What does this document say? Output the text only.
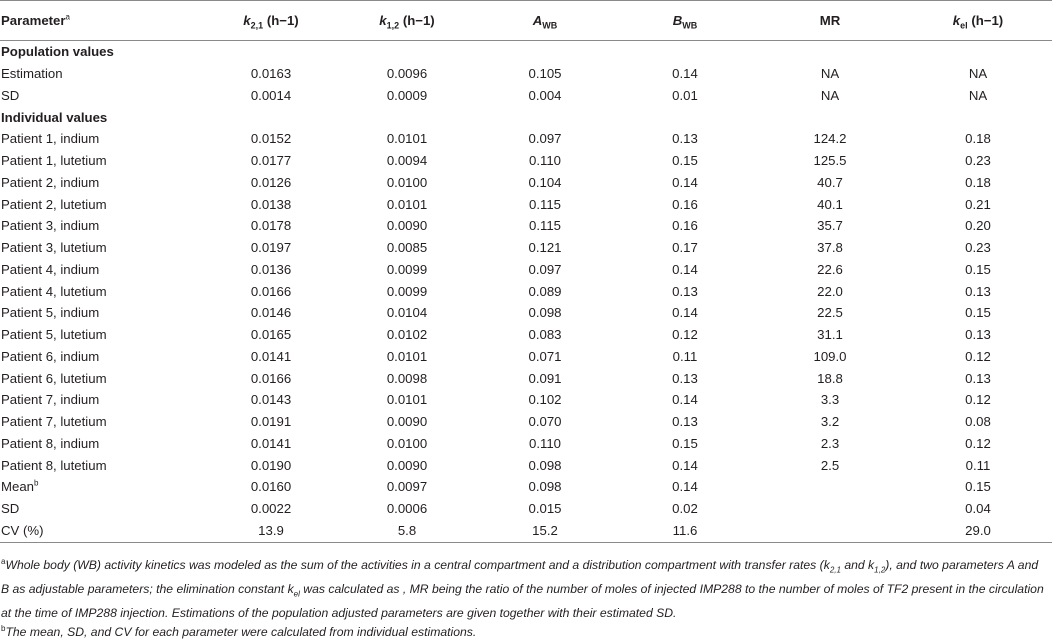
Parameter$^a$	$k_{2,1}$ (h−1)	$k_{1,2}$ (h−1)	$A_{WB}$	$B_{WB}$	MR	$k_{el}$ (h−1)
Population values						
Estimation	0.0163	0.0096	0.105	0.14	NA	NA
SD	0.0014	0.0009	0.004	0.01	NA	NA
Individual values						
Patient 1, indium	0.0152	0.0101	0.097	0.13	124.2	0.18
Patient 1, lutetium	0.0177	0.0094	0.110	0.15	125.5	0.23
Patient 2, indium	0.0126	0.0100	0.104	0.14	40.7	0.18
Patient 2, lutetium	0.0138	0.0101	0.115	0.16	40.1	0.21
Patient 3, indium	0.0178	0.0090	0.115	0.16	35.7	0.20
Patient 3, lutetium	0.0197	0.0085	0.121	0.17	37.8	0.23
Patient 4, indium	0.0136	0.0099	0.097	0.14	22.6	0.15
Patient 4, lutetium	0.0166	0.0099	0.089	0.13	22.0	0.13
Patient 5, indium	0.0146	0.0104	0.098	0.14	22.5	0.15
Patient 5, lutetium	0.0165	0.0102	0.083	0.12	31.1	0.13
Patient 6, indium	0.0141	0.0101	0.071	0.11	109.0	0.12
Patient 6, lutetium	0.0166	0.0098	0.091	0.13	18.8	0.13
Patient 7, indium	0.0143	0.0101	0.102	0.14	3.3	0.12
Patient 7, lutetium	0.0191	0.0090	0.070	0.13	3.2	0.08
Patient 8, indium	0.0141	0.0100	0.110	0.15	2.3	0.12
Patient 8, lutetium	0.0190	0.0090	0.098	0.14	2.5	0.11
Mean$^b$	0.0160	0.0097	0.098	0.14		0.15
SD	0.0022	0.0006	0.015	0.02		0.04
CV (%)	13.9	5.8	15.2	11.6		29.0

$^a$Whole body (WB) activity kinetics was modeled as the sum of the activities in a central compartment and a distribution compartment with transfer rates ($k_{2,1}$ and $k_{1,2}$), and two parameters A and B as adjustable parameters; the elimination constant $k_{el}$ was calculated as , MR being the ratio of the number of moles of injected IMP288 to the number of moles of TF2 present in the circulation at the time of IMP288 injection. Estimations of the population adjusted parameters are given together with their estimated SD.

$^b$The mean, SD, and CV for each parameter were calculated from individual estimations.
